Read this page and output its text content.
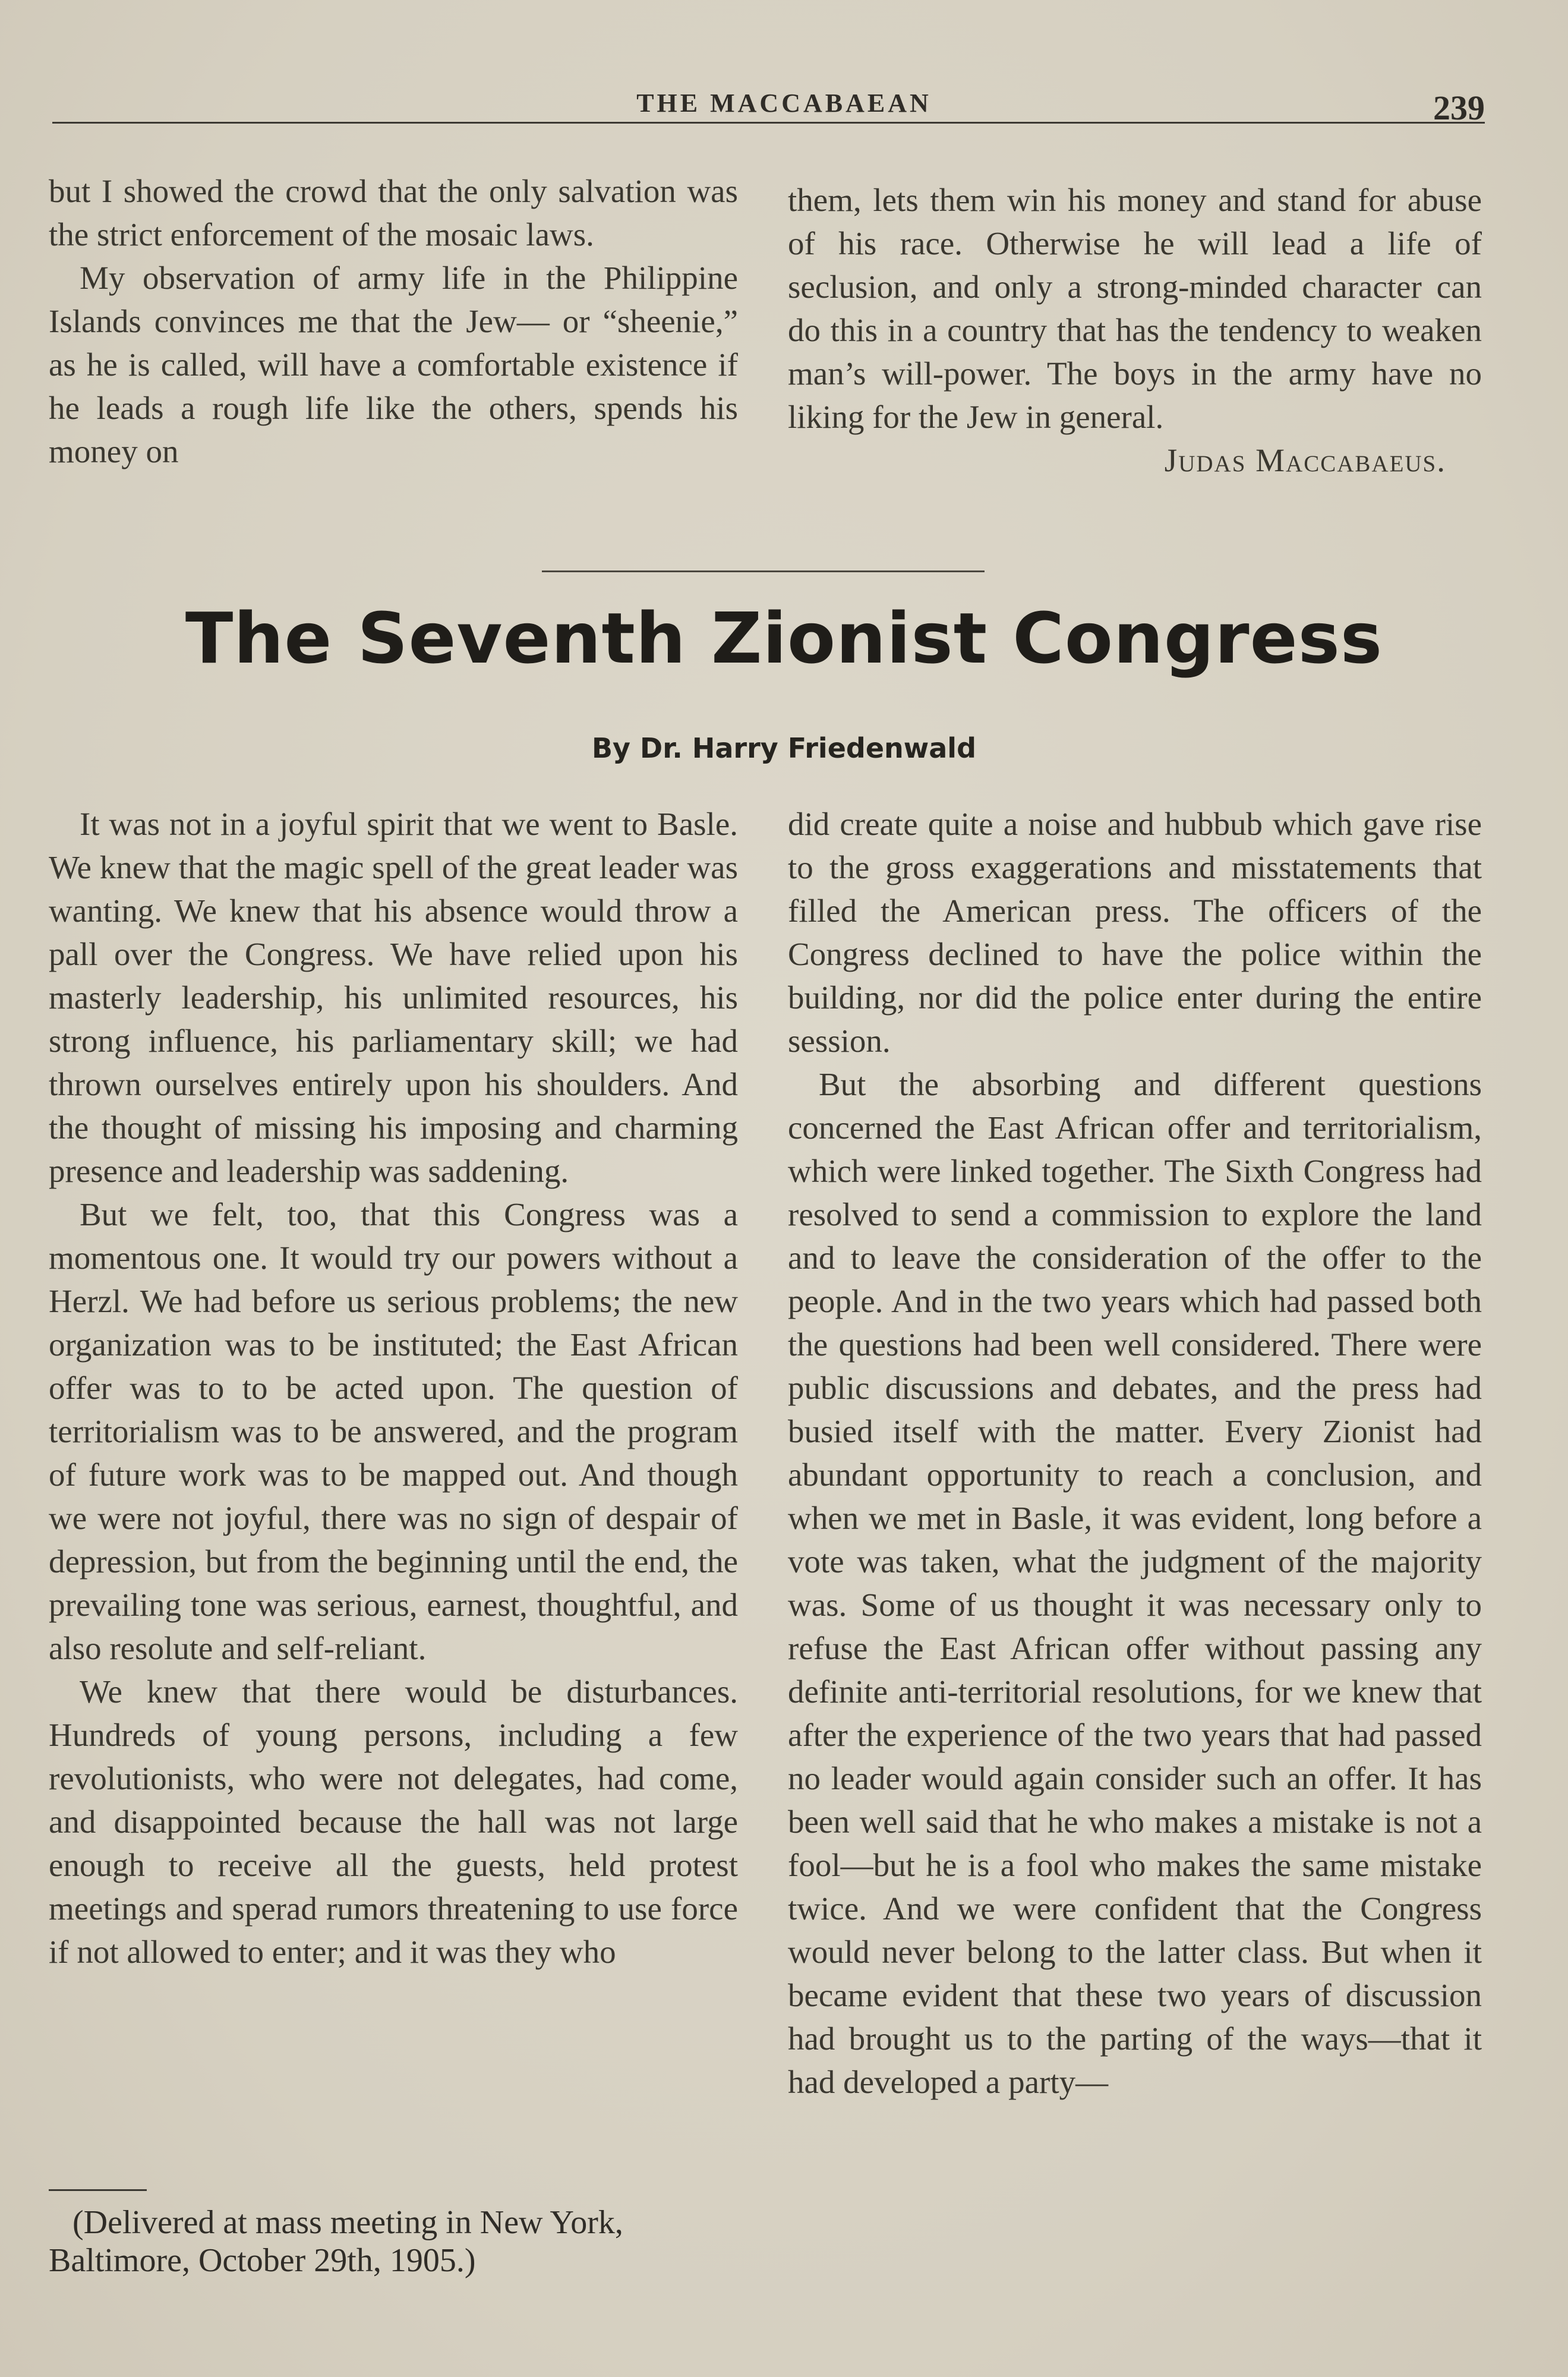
THE MACCABAEAN	239

but I showed the crowd that the only salvation was the strict enforcement of the mosaic laws.

My observation of army life in the Philippine Islands convinces me that the Jew— or “sheenie,” as he is called, will have a comfortable existence if he leads a rough life like the others, spends his money on

them, lets them win his money and stand for abuse of his race. Otherwise he will lead a life of seclusion, and only a strong-minded character can do this in a country that has the tendency to weaken man’s will-power. The boys in the army have no liking for the Jew in general.

Judas Maccabaeus.

The Seventh Zionist Congress
By Dr. Harry Friedenwald

It was not in a joyful spirit that we went to Basle. We knew that the magic spell of the great leader was wanting. We knew that his absence would throw a pall over the Congress. We have relied upon his masterly leadership, his unlimited resources, his strong influence, his parliamentary skill; we had thrown ourselves entirely upon his shoulders. And the thought of missing his imposing and charming presence and leadership was saddening.

But we felt, too, that this Congress was a momentous one. It would try our powers without a Herzl. We had before us serious problems; the new organization was to be instituted; the East African offer was to to be acted upon. The question of territorialism was to be answered, and the program of future work was to be mapped out. And though we were not joyful, there was no sign of despair of depression, but from the beginning until the end, the prevailing tone was serious, earnest, thoughtful, and also resolute and self-reliant.

We knew that there would be disturbances. Hundreds of young persons, including a few revolutionists, who were not delegates, had come, and disappointed because the hall was not large enough to receive all the guests, held protest meetings and sperad rumors threatening to use force if not allowed to enter; and it was they who

did create quite a noise and hubbub which gave rise to the gross exaggerations and misstatements that filled the American press. The officers of the Congress declined to have the police within the building, nor did the police enter during the entire session.

But the absorbing and different questions concerned the East African offer and territorialism, which were linked together. The Sixth Congress had resolved to send a commission to explore the land and to leave the consideration of the offer to the people. And in the two years which had passed both the questions had been well considered. There were public discussions and debates, and the press had busied itself with the matter. Every Zionist had abundant opportunity to reach a conclusion, and when we met in Basle, it was evident, long before a vote was taken, what the judgment of the majority was. Some of us thought it was necessary only to refuse the East African offer without passing any definite anti-territorial resolutions, for we knew that after the experience of the two years that had passed no leader would again consider such an offer. It has been well said that he who makes a mistake is not a fool—but he is a fool who makes the same mistake twice. And we were confident that the Congress would never belong to the latter class. But when it became evident that these two years of discussion had brought us to the parting of the ways—that it had developed a party—

(Delivered at mass meeting in New York,

Baltimore, October 29th, 1905.)
